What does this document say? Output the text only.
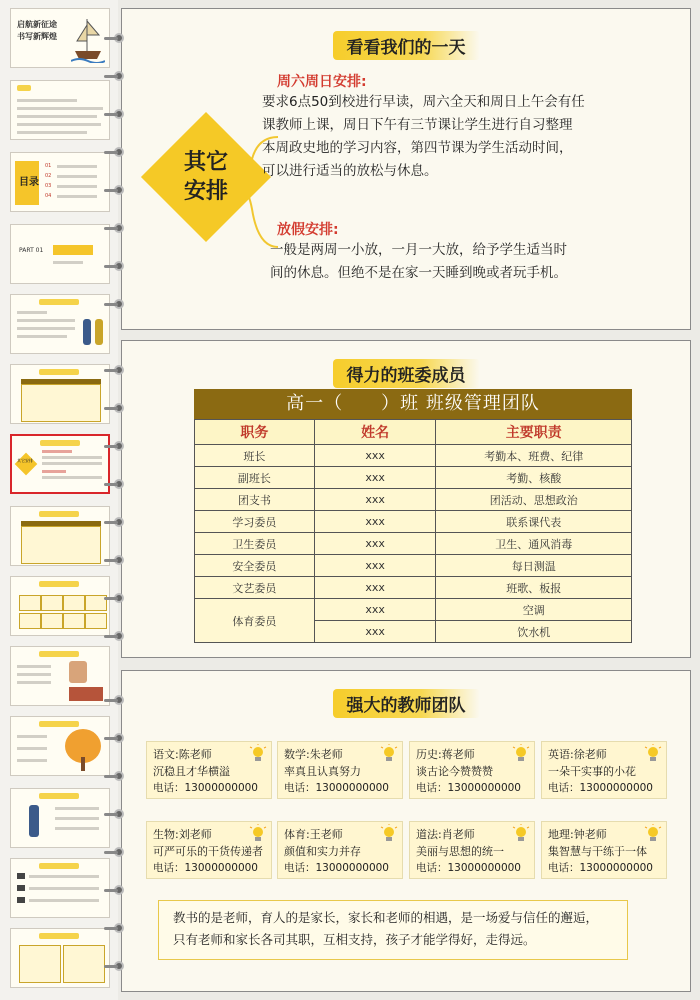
启航新征途
书写新辉煌
目录
01
02
03
04
PART 01
其它安排
看看我们的一天
其它
安排
周六周日安排:
要求6点50到校进行早读，周六全天和周日上午会有任
课教师上课，周日下午有三节课让学生进行自习整理
本周政史地的学习内容，第四节课为学生活动时间，
可以进行适当的放松与休息。
放假安排:
一般是两周一小放，一月一大放，给予学生适当时
间的休息。但绝不是在家一天睡到晚或者玩手机。
得力的班委成员
高一（　　）班 班级管理团队
职务	姓名	主要职责
班长	xxx	考勤本、班费、纪律
副班长	xxx	考勤、核酸
团支书	xxx	团活动、思想政治
学习委员	xxx	联系课代表
卫生委员	xxx	卫生、通风消毒
安全委员	xxx	每日测温
文艺委员	xxx	班歌、板报
体育委员	xxx	空调
	xxx	饮水机
强大的教师团队
语文:陈老师
沉稳且才华横溢
电话：13000000000
数学:朱老师
率真且认真努力
电话：13000000000
历史:蒋老师
谈古论今赞赞赞
电话：13000000000
英语:徐老师
一朵干实事的小花
电话：13000000000
生物:刘老师
可严可乐的干货传递者
电话：13000000000
体育:王老师
颜值和实力并存
电话：13000000000
道法:肖老师
美丽与思想的统一
电话：13000000000
地理:钟老师
集智慧与干练于一体
电话：13000000000
教书的是老师，育人的是家长，家长和老师的相遇，是一场爱与信任的邂逅，
只有老师和家长各司其职，互相支持，孩子才能学得好，走得远。
